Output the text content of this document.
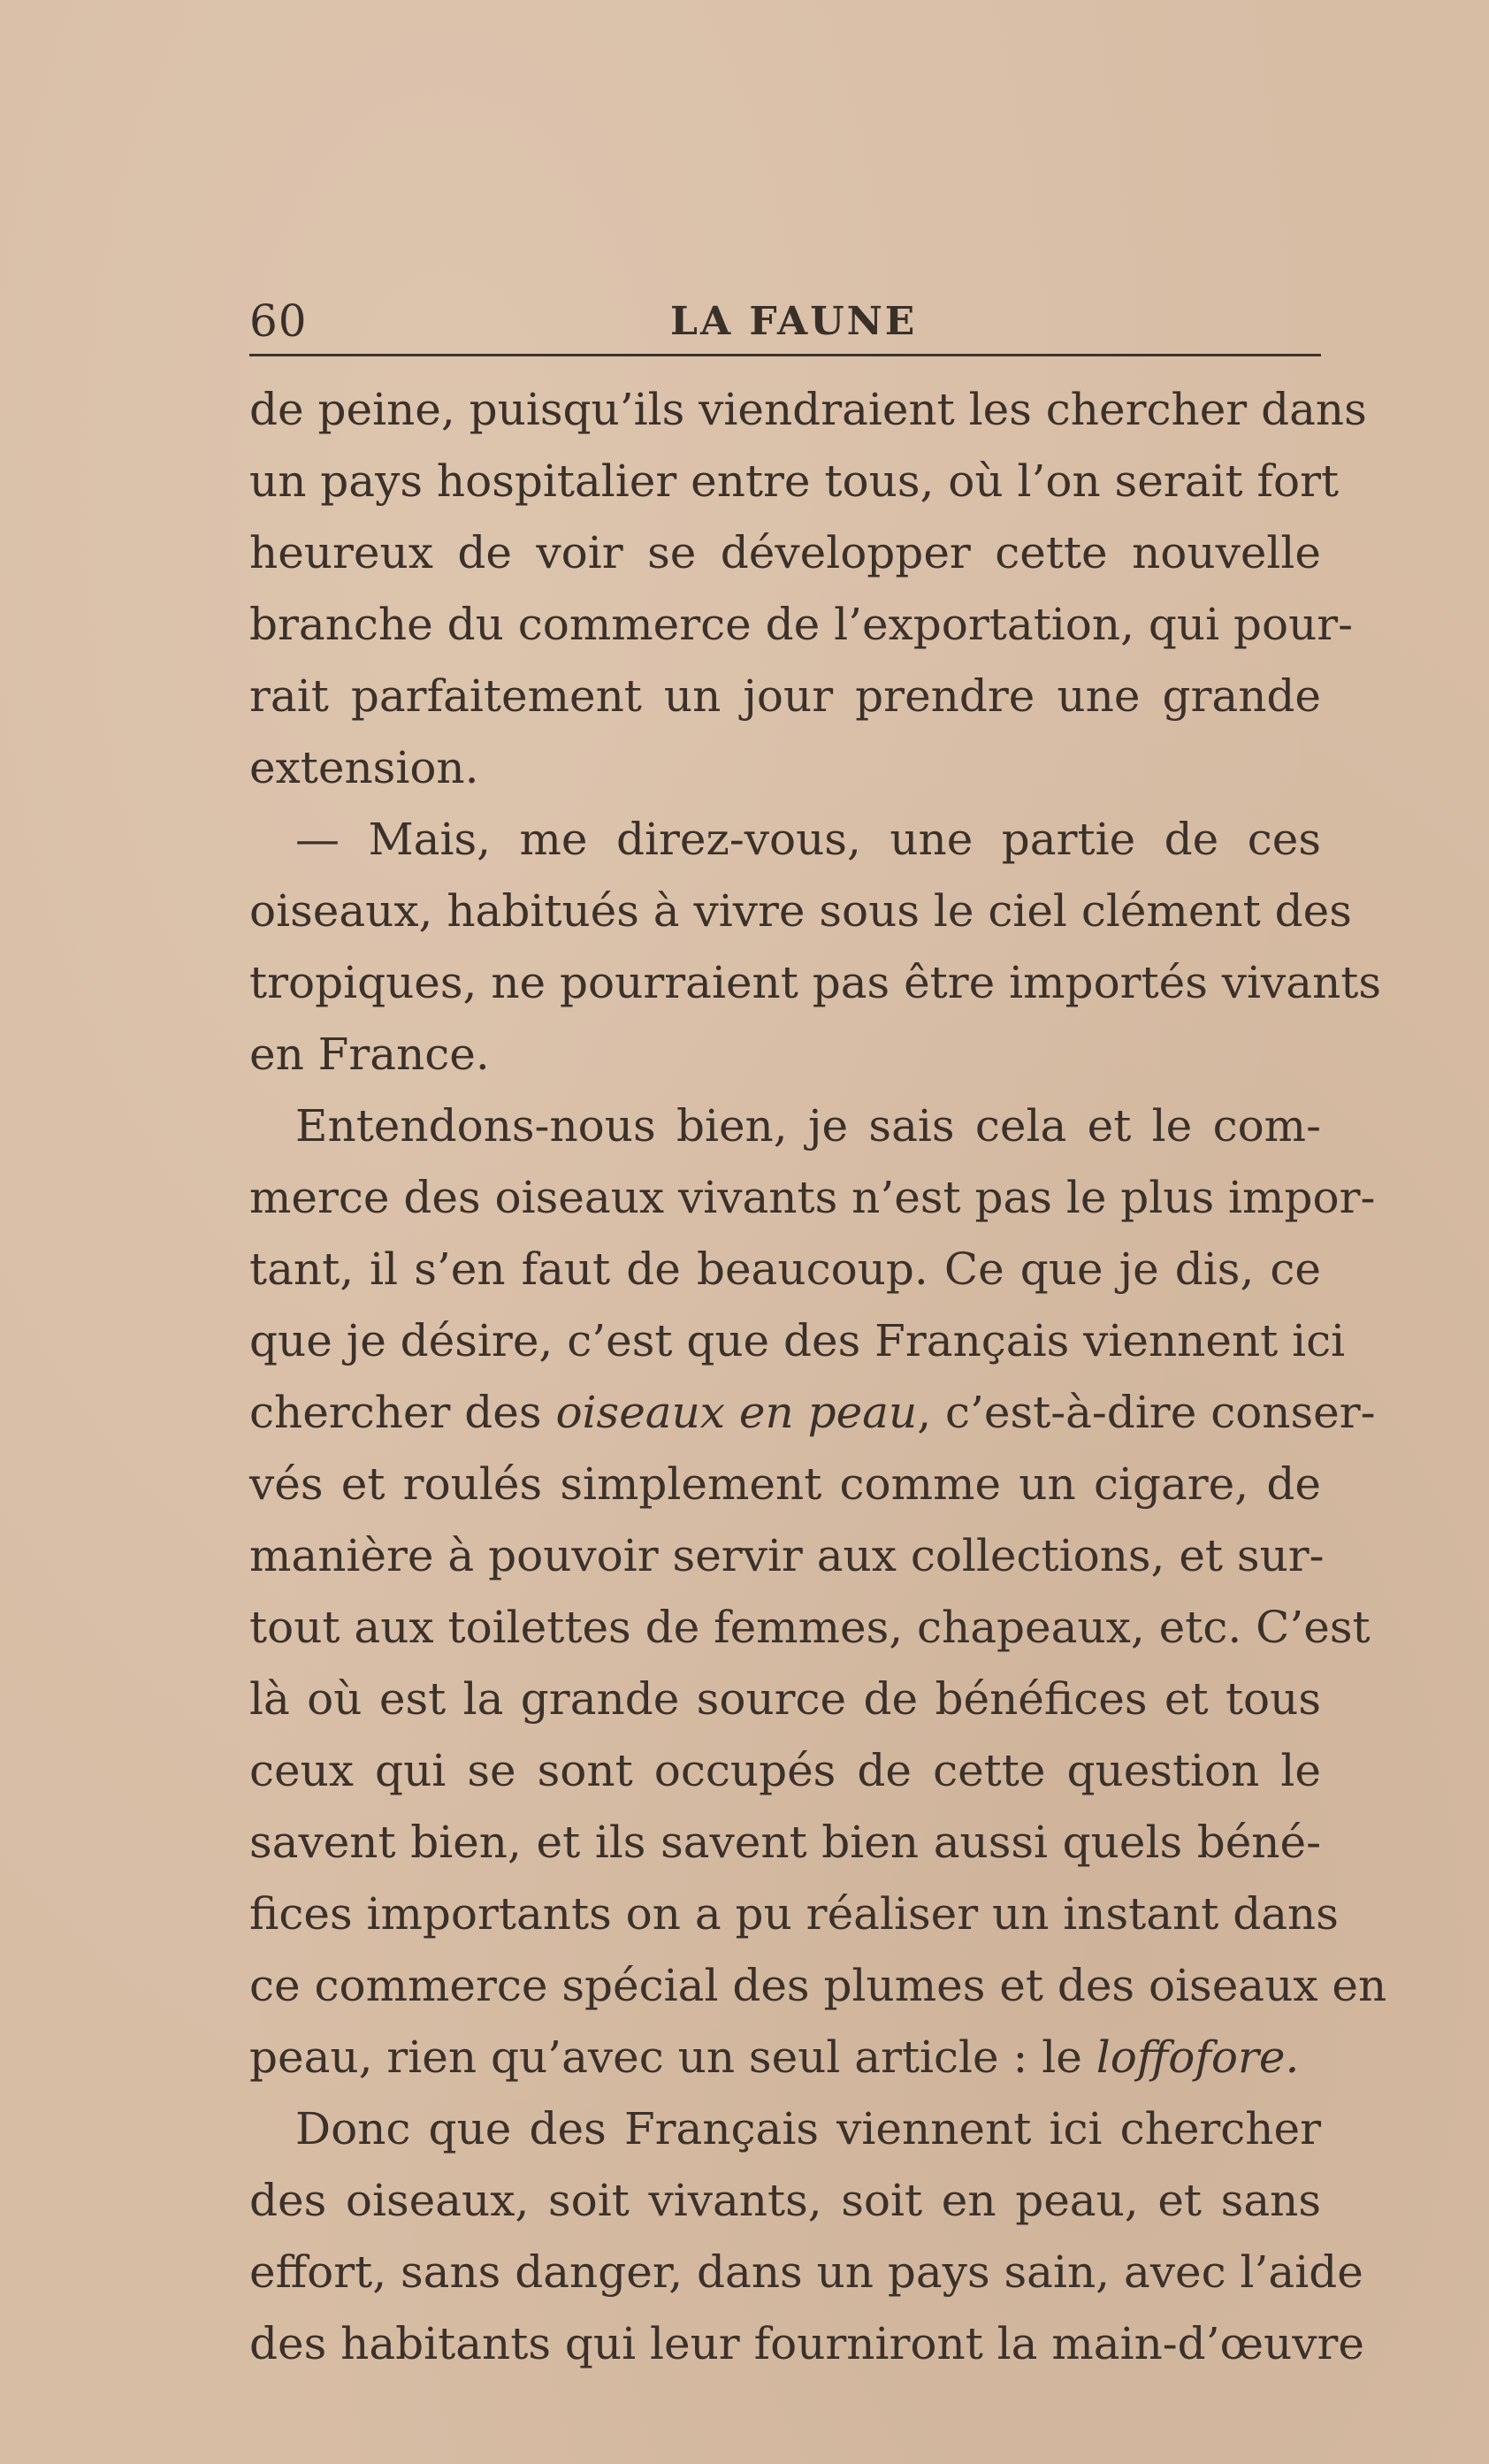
60	LA FAUNE
de peine, puisqu’ils viendraient les chercher dans
un pays hospitalier entre tous, où l’on serait fort
heureux de voir se développer cette nouvelle
branche du commerce de l’exportation, qui pour-
rait parfaitement un jour prendre une grande
extension.
— Mais, me direz-vous, une partie de ces
oiseaux, habitués à vivre sous le ciel clément des
tropiques, ne pourraient pas être importés vivants
en France.
Entendons-nous bien, je sais cela et le com-
merce des oiseaux vivants n’est pas le plus impor-
tant, il s’en faut de beaucoup. Ce que je dis, ce
que je désire, c’est que des Français viennent ici
chercher des oiseaux en peau, c’est-à-dire conser-
vés et roulés simplement comme un cigare, de
manière à pouvoir servir aux collections, et sur-
tout aux toilettes de femmes, chapeaux, etc. C’est
là où est la grande source de bénéfices et tous
ceux qui se sont occupés de cette question le
savent bien, et ils savent bien aussi quels béné-
fices importants on a pu réaliser un instant dans
ce commerce spécial des plumes et des oiseaux en
peau, rien qu’avec un seul article : le loffofore.
Donc que des Français viennent ici chercher
des oiseaux, soit vivants, soit en peau, et sans
effort, sans danger, dans un pays sain, avec l’aide
des habitants qui leur fourniront la main-d’œuvre
